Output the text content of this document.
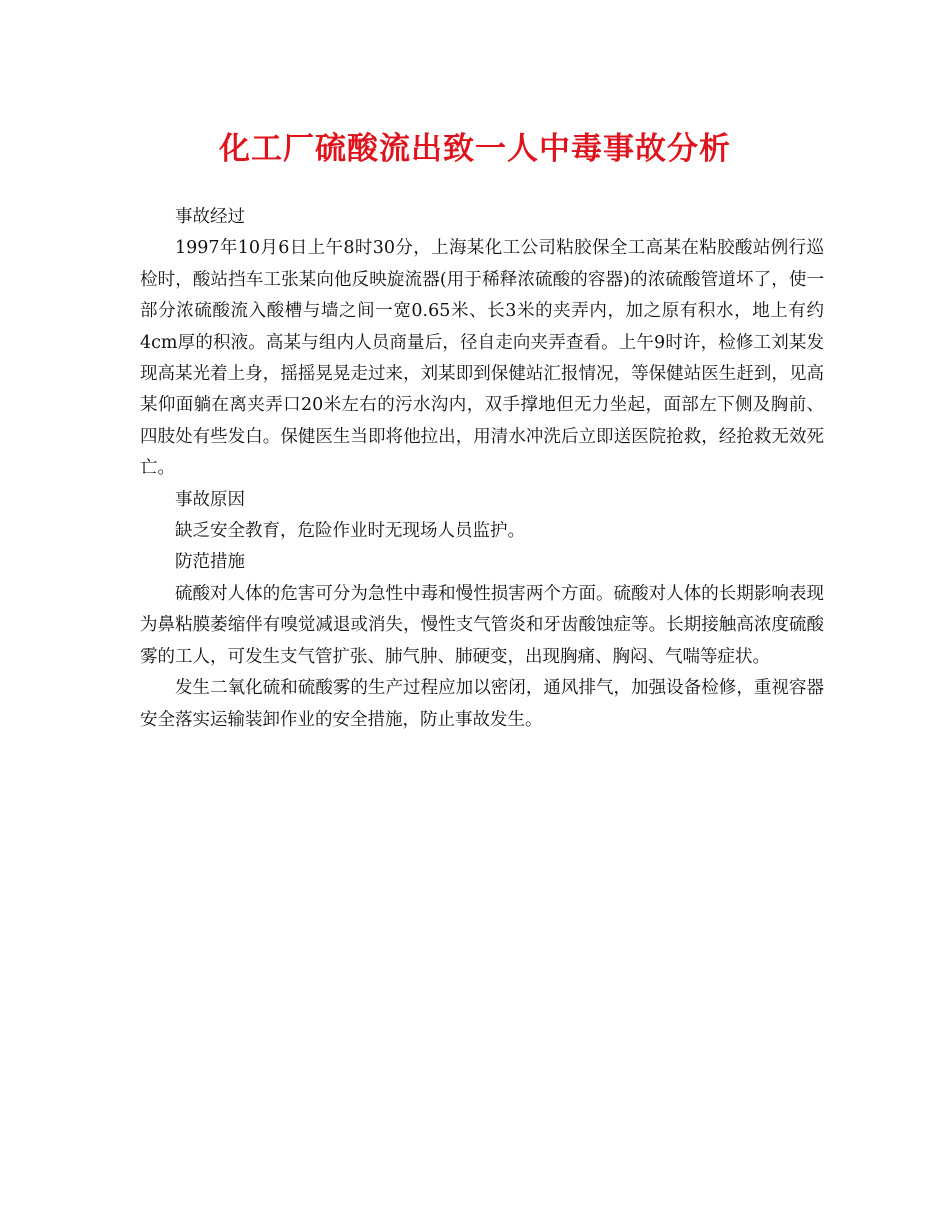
化工厂硫酸流出致一人中毒事故分析

事故经过

1997年10月6日上午8时30分，上海某化工公司粘胶保全工高某在粘胶酸站例行巡检时，酸站挡车工张某向他反映旋流器(用于稀释浓硫酸的容器)的浓硫酸管道坏了，使一部分浓硫酸流入酸槽与墙之间一宽0.65米、长3米的夹弄内，加之原有积水，地上有约4cm厚的积液。高某与组内人员商量后，径自走向夹弄查看。上午9时许，检修工刘某发现高某光着上身，摇摇晃晃走过来，刘某即到保健站汇报情况，等保健站医生赶到，见高某仰面躺在离夹弄口20米左右的污水沟内，双手撑地但无力坐起，面部左下侧及胸前、四肢处有些发白。保健医生当即将他拉出，用清水冲洗后立即送医院抢救，经抢救无效死亡。

事故原因

缺乏安全教育，危险作业时无现场人员监护。

防范措施

硫酸对人体的危害可分为急性中毒和慢性损害两个方面。硫酸对人体的长期影响表现为鼻粘膜萎缩伴有嗅觉减退或消失，慢性支气管炎和牙齿酸蚀症等。长期接触高浓度硫酸雾的工人，可发生支气管扩张、肺气肿、肺硬变，出现胸痛、胸闷、气喘等症状。

发生二氧化硫和硫酸雾的生产过程应加以密闭，通风排气，加强设备检修，重视容器安全落实运输装卸作业的安全措施，防止事故发生。
